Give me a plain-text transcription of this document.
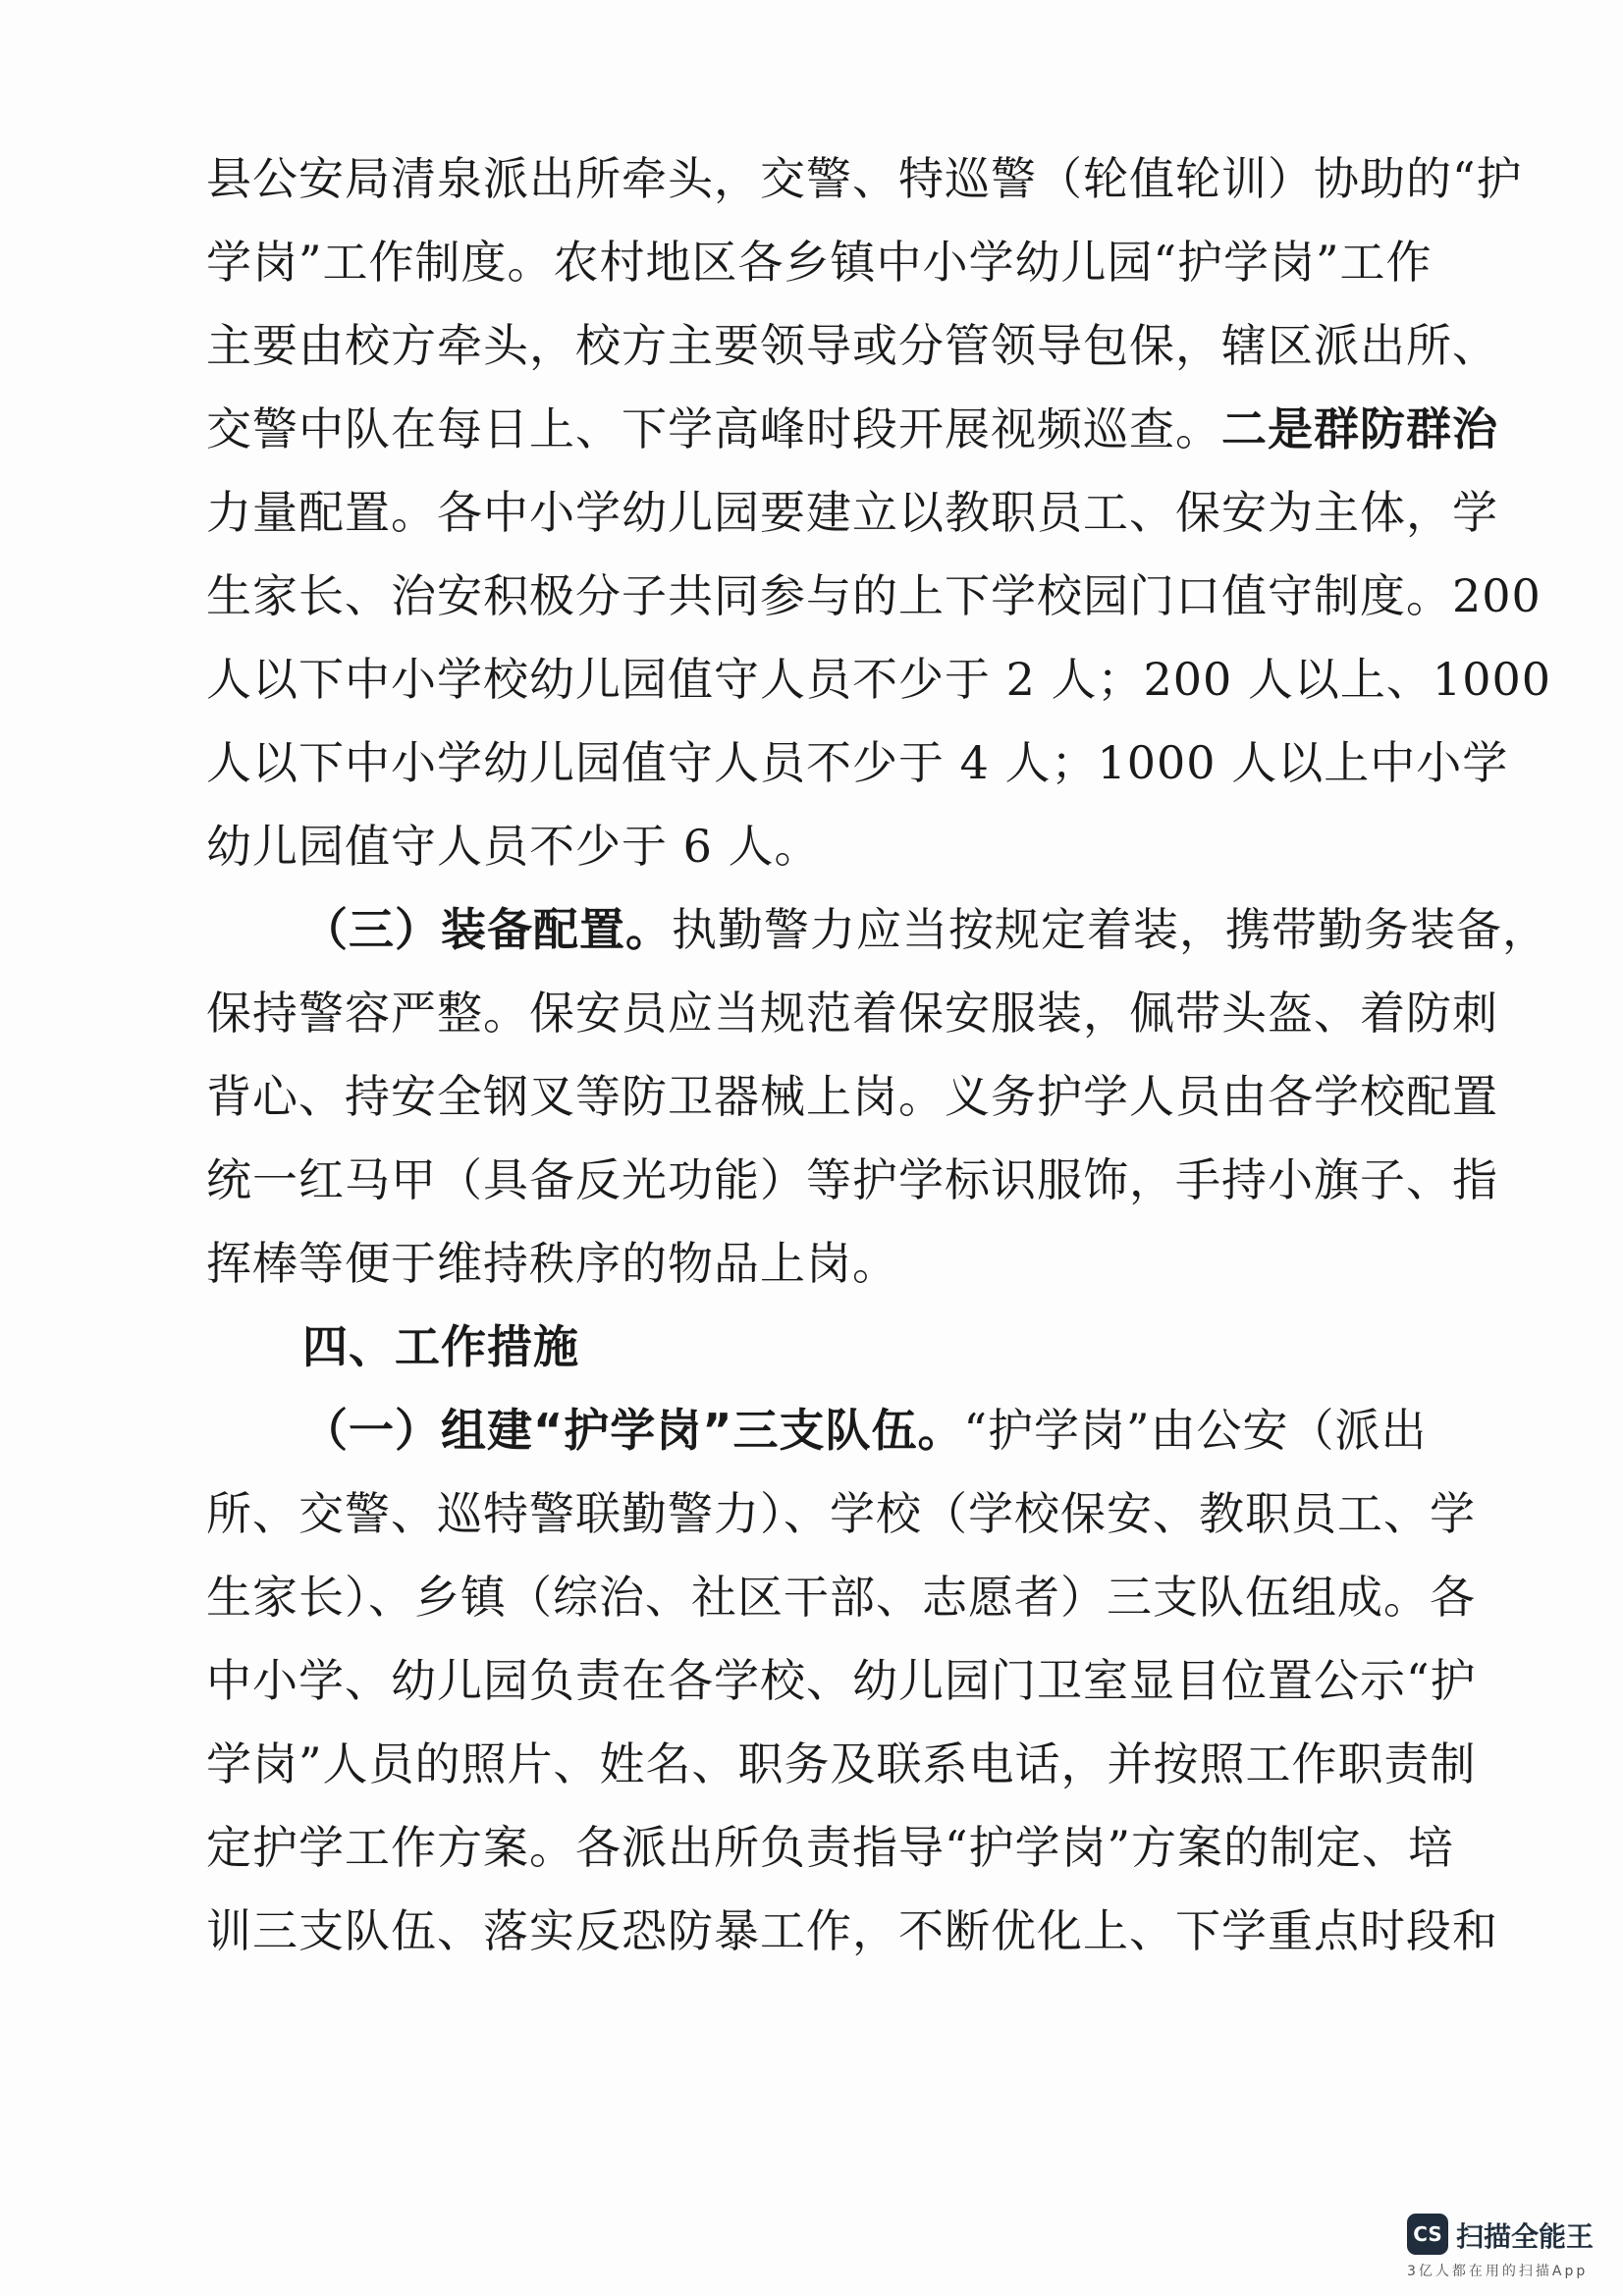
县公安局清泉派出所牵头，交警、特巡警（轮值轮训）协助的“护
学岗”工作制度。农村地区各乡镇中小学幼儿园“护学岗”工作
主要由校方牵头，校方主要领导或分管领导包保，辖区派出所、
交警中队在每日上、下学高峰时段开展视频巡查。二是群防群治
力量配置。各中小学幼儿园要建立以教职员工、保安为主体，学
生家长、治安积极分子共同参与的上下学校园门口值守制度。200
人以下中小学校幼儿园值守人员不少于 2 人；200 人以上、1000
人以下中小学幼儿园值守人员不少于 4 人；1000 人以上中小学
幼儿园值守人员不少于 6 人。
（三）装备配置。执勤警力应当按规定着装，携带勤务装备，
保持警容严整。保安员应当规范着保安服装，佩带头盔、着防刺
背心、持安全钢叉等防卫器械上岗。义务护学人员由各学校配置
统一红马甲（具备反光功能）等护学标识服饰，手持小旗子、指
挥棒等便于维持秩序的物品上岗。
四、工作措施
（一）组建“护学岗”三支队伍。“护学岗”由公安（派出
所、交警、巡特警联勤警力）、学校（学校保安、教职员工、学
生家长）、乡镇（综治、社区干部、志愿者）三支队伍组成。各
中小学、幼儿园负责在各学校、幼儿园门卫室显目位置公示“护
学岗”人员的照片、姓名、职务及联系电话，并按照工作职责制
定护学工作方案。各派出所负责指导“护学岗”方案的制定、培
训三支队伍、落实反恐防暴工作，不断优化上、下学重点时段和
CS 扫描全能王
3亿人都在用的扫描App
